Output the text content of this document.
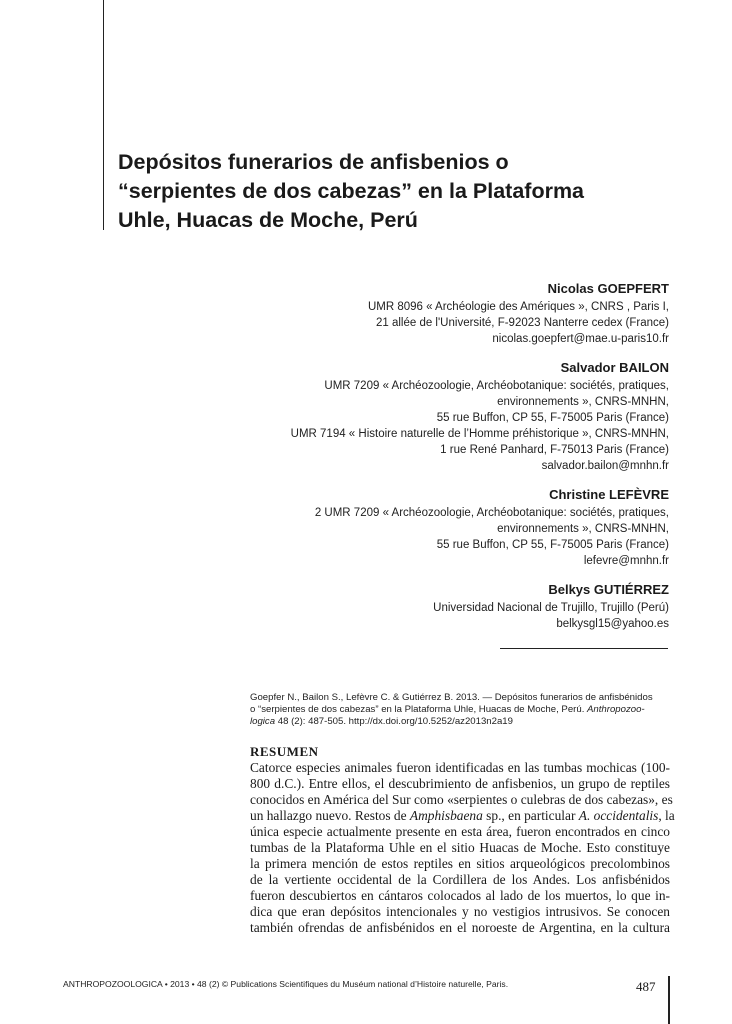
Depósitos funerarios de anfisbenios o
“serpientes de dos cabezas” en la Plataforma
Uhle, Huacas de Moche, Perú
Nicolas GOEPFERT
UMR 8096 « Archéologie des Amériques », CNRS , Paris I,
21 allée de l'Université, F-92023 Nanterre cedex (France)
nicolas.goepfert@mae.u-paris10.fr
Salvador BAILON
UMR 7209 « Archéozoologie, Archéobotanique: sociétés, pratiques,
environnements », CNRS-MNHN,
55 rue Buffon, CP 55, F-75005 Paris (France)
UMR 7194 « Histoire naturelle de l’Homme préhistorique », CNRS-MNHN,
1 rue René Panhard, F-75013 Paris (France)
salvador.bailon@mnhn.fr
Christine LEFÈVRE
2 UMR 7209 « Archéozoologie, Archéobotanique: sociétés, pratiques,
environnements », CNRS-MNHN,
55 rue Buffon, CP 55, F-75005 Paris (France)
lefevre@mnhn.fr
Belkys GUTIÉRREZ
Universidad Nacional de Trujillo, Trujillo (Perú)
belkysgl15@yahoo.es
Goepfer N., Bailon S., Lefèvre C. & Gutiérrez B. 2013. — Depósitos funerarios de anfisbénidos
o “serpientes de dos cabezas” en la Plataforma Uhle, Huacas de Moche, Perú. Anthropozoo-
logica 48 (2): 487-505. http://dx.doi.org/10.5252/az2013n2a19
RESUMEN
Catorce especies animales fueron identificadas en las tumbas mochicas (100-
800 d.C.). Entre ellos, el descubrimiento de anfisbenios, un grupo de reptiles
conocidos en América del Sur como «serpientes o culebras de dos cabezas», es
un hallazgo nuevo. Restos de Amphisbaena sp., en particular A. occidentalis, la
única especie actualmente presente en esta área, fueron encontrados en cinco
tumbas de la Plataforma Uhle en el sitio Huacas de Moche. Esto constituye
la primera mención de estos reptiles en sitios arqueológicos precolombinos
de la vertiente occidental de la Cordillera de los Andes. Los anfisbénidos
fueron descubiertos en cántaros colocados al lado de los muertos, lo que in-
dica que eran depósitos intencionales y no vestigios intrusivos. Se conocen
también ofrendas de anfisbénidos en el noroeste de Argentina, en la cultura
ANTHROPOZOOLOGICA • 2013 • 48 (2) © Publications Scientifiques du Muséum national d’Histoire naturelle, Paris.	487
